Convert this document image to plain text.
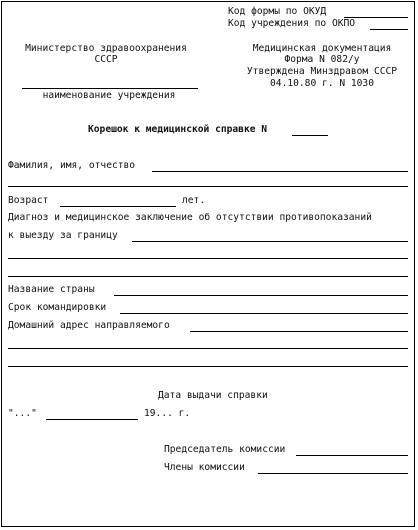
Код формы по ОКУД
Код учреждения по ОКПО
Министерство здравоохранения
СССР
Медицинская документация
Форма N 082/у
Утверждена Минздравом СССР
04.10.80 г. N 1030
наименование учреждения
Корешок к медицинской справке N
Фамилия, имя, отчество
Возраст	лет.
Диагноз и медицинское заключение об отсутствии противопоказаний
к выезду за границу
Название страны
Срок командировки
Домашний адрес направляемого
Дата выдачи справки
"..."	19... г.
Председатель комиссии
Члены комиссии
